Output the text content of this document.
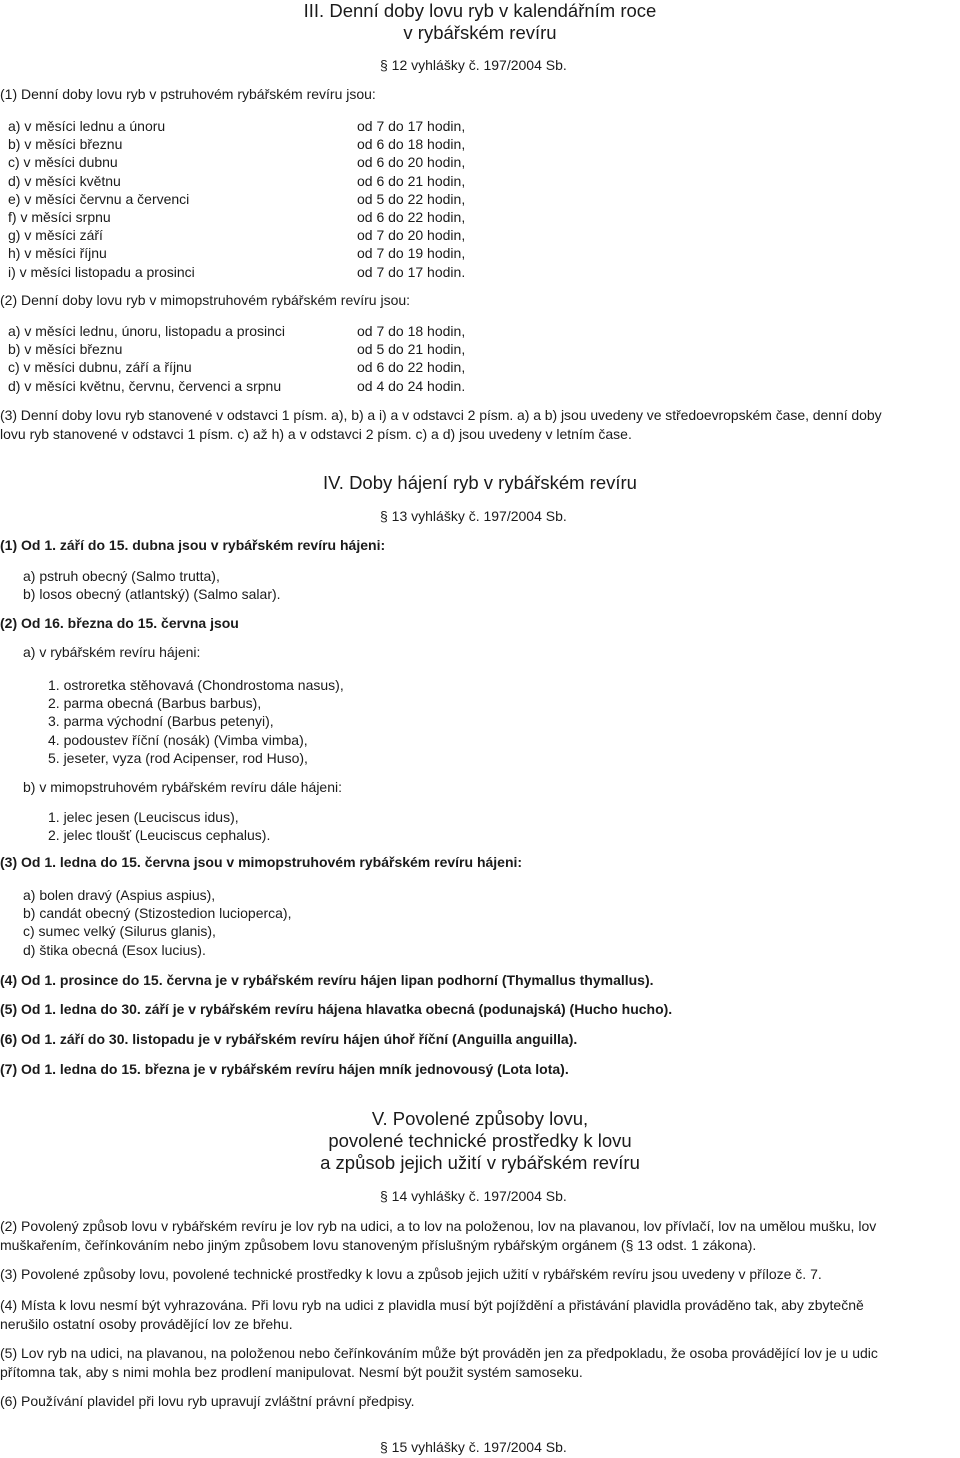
III. Denní doby lovu ryb v kalendářním roce
v rybářském revíru
§ 12 vyhlášky č. 197/2004 Sb.
(1) Denní doby lovu ryb v pstruhovém rybářském revíru jsou:
a) v měsíci lednu a únoru	od 7 do 17 hodin,
b) v měsíci březnu	od 6 do 18 hodin,
c) v měsíci dubnu	od 6 do 20 hodin,
d) v měsíci květnu	od 6 do 21 hodin,
e) v měsíci červnu a červenci	od 5 do 22 hodin,
f) v měsíci srpnu	od 6 do 22 hodin,
g) v měsíci září	od 7 do 20 hodin,
h) v měsíci říjnu	od 7 do 19 hodin,
i) v měsíci listopadu a prosinci	od 7 do 17 hodin.
(2) Denní doby lovu ryb v mimopstruhovém rybářském revíru jsou:
a) v měsíci lednu, únoru, listopadu a prosinci	od 7 do 18 hodin,
b) v měsíci březnu	od 5 do 21 hodin,
c) v měsíci dubnu, září a říjnu	od 6 do 22 hodin,
d) v měsíci květnu, červnu, červenci a srpnu	od 4 do 24 hodin.
(3) Denní doby lovu ryb stanovené v odstavci 1 písm. a), b) a i) a v odstavci 2 písm. a) a b) jsou uvedeny ve středoevropském čase, denní doby
lovu ryb stanovené v odstavci 1 písm. c) až h) a v odstavci 2 písm. c) a d) jsou uvedeny v letním čase.
IV. Doby hájení ryb v rybářském revíru
§ 13 vyhlášky č. 197/2004 Sb.
(1) Od 1. září do 15. dubna jsou v rybářském revíru hájeni:
a) pstruh obecný (Salmo trutta),
b) losos obecný (atlantský) (Salmo salar).
(2) Od 16. března do 15. června jsou
a) v rybářském revíru hájeni:
1. ostroretka stěhovavá (Chondrostoma nasus),
2. parma obecná (Barbus barbus),
3. parma východní (Barbus petenyi),
4. podoustev říční (nosák) (Vimba vimba),
5. jeseter, vyza (rod Acipenser, rod Huso),
b) v mimopstruhovém rybářském revíru dále hájeni:
1. jelec jesen (Leuciscus idus),
2. jelec tloušť (Leuciscus cephalus).
(3) Od 1. ledna do 15. června jsou v mimopstruhovém rybářském revíru hájeni:
a) bolen dravý (Aspius aspius),
b) candát obecný (Stizostedion lucioperca),
c) sumec velký (Silurus glanis),
d) štika obecná (Esox lucius).
(4) Od 1. prosince do 15. června je v rybářském revíru hájen lipan podhorní (Thymallus thymallus).
(5) Od 1. ledna do 30. září je v rybářském revíru hájena hlavatka obecná (podunajská) (Hucho hucho).
(6) Od 1. září do 30. listopadu je v rybářském revíru hájen úhoř říční (Anguilla anguilla).
(7) Od 1. ledna do 15. března je v rybářském revíru hájen mník jednovousý (Lota lota).
V. Povolené způsoby lovu,
povolené technické prostředky k lovu
a způsob jejich užití v rybářském revíru
§ 14 vyhlášky č. 197/2004 Sb.
(2) Povolený způsob lovu v rybářském revíru je lov ryb na udici, a to lov na položenou, lov na plavanou, lov přívlačí, lov na umělou mušku, lov
muškařením, čeřínkováním nebo jiným způsobem lovu stanoveným příslušným rybářským orgánem (§ 13 odst. 1 zákona).
(3) Povolené způsoby lovu, povolené technické prostředky k lovu a způsob jejich užití v rybářském revíru jsou uvedeny v příloze č. 7.
(4) Místa k lovu nesmí být vyhrazována. Při lovu ryb na udici z plavidla musí být pojíždění a přistávání plavidla prováděno tak, aby zbytečně
nerušilo ostatní osoby provádějící lov ze břehu.
(5) Lov ryb na udici, na plavanou, na položenou nebo čeřínkováním může být prováděn jen za předpokladu, že osoba provádějící lov je u udic
přítomna tak, aby s nimi mohla bez prodlení manipulovat. Nesmí být použit systém samoseku.
(6) Používání plavidel při lovu ryb upravují zvláštní právní předpisy.
§ 15 vyhlášky č. 197/2004 Sb.
